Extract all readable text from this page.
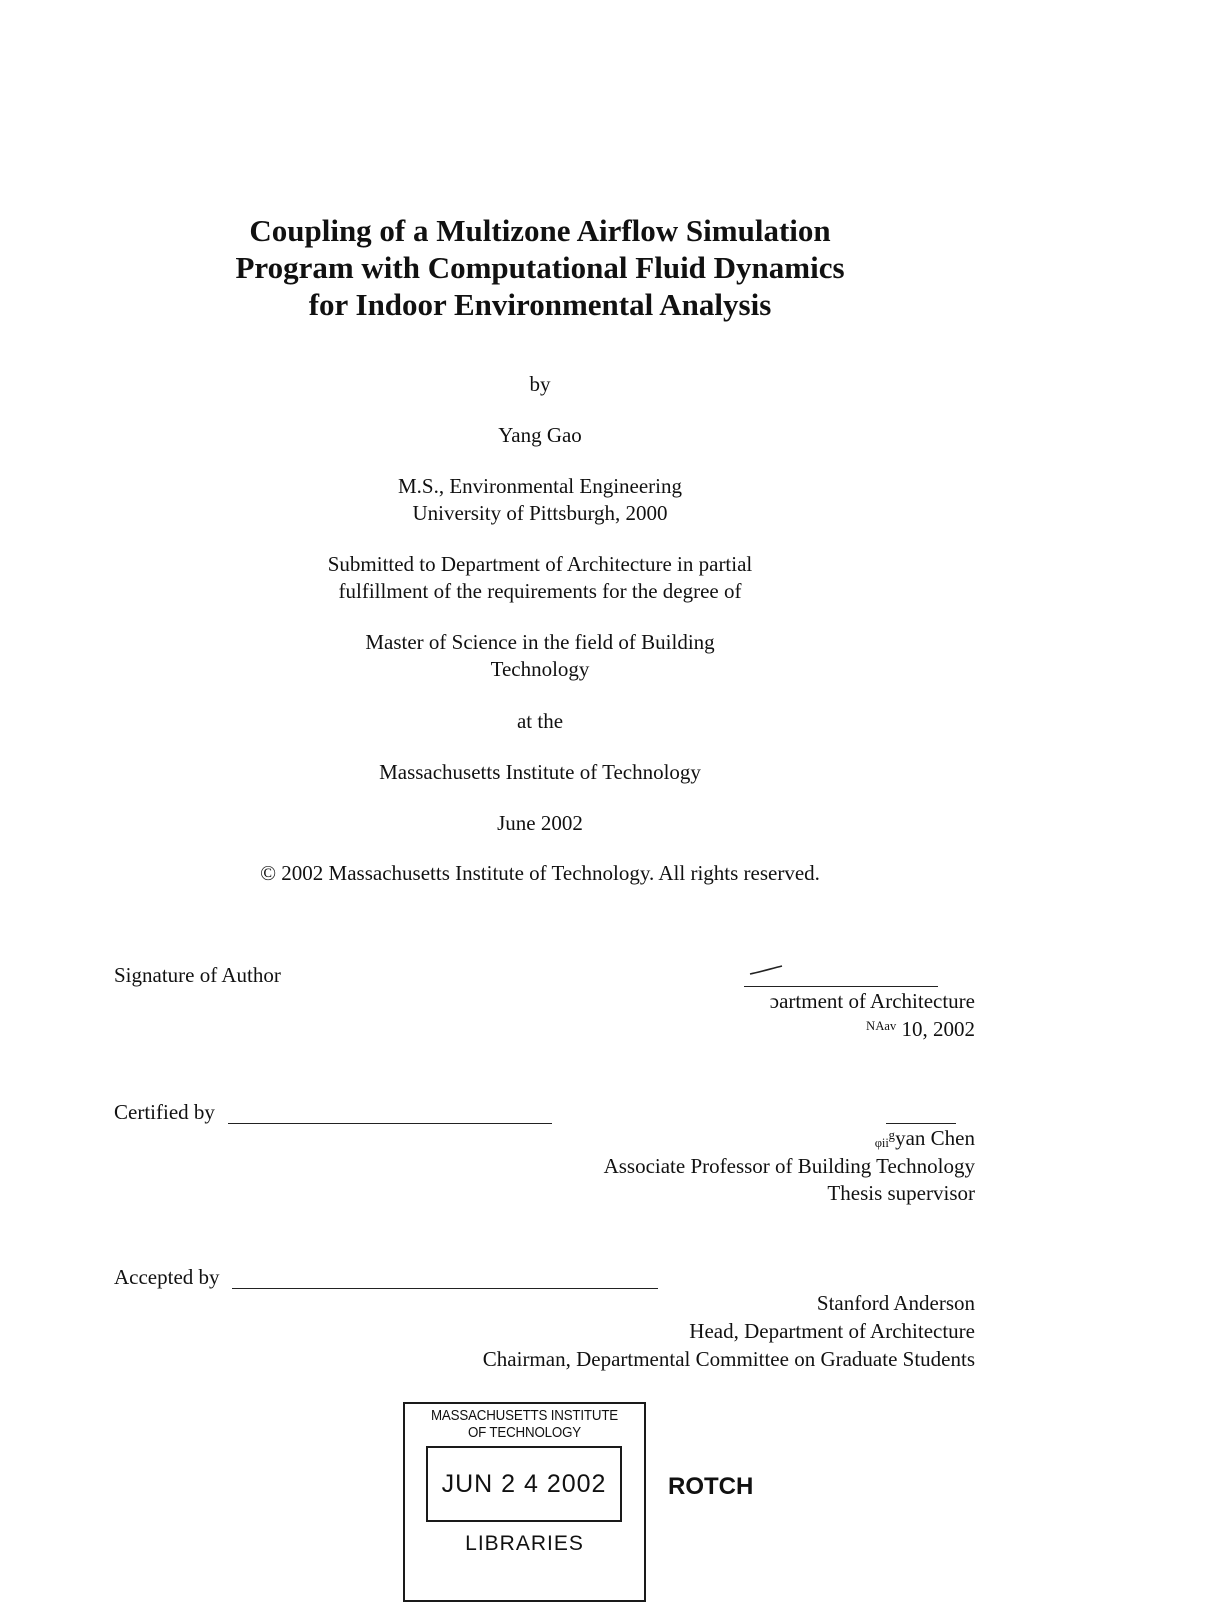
Coupling of a Multizone Airflow Simulation
Program with Computational Fluid Dynamics
for Indoor Environmental Analysis
by
Yang Gao
M.S., Environmental Engineering
University of Pittsburgh, 2000
Submitted to Department of Architecture in partial
fulfillment of the requirements for the degree of
Master of Science in the field of Building
Technology
at the
Massachusetts Institute of Technology
June 2002
© 2002 Massachusetts Institute of Technology. All rights reserved.
Signature of Author
ɔartment of Architecture
ᴺᴬᵃᵛ 10, 2002
Certified by
ᵩᵢᵢᵍyan Chen
Associate Professor of Building Technology
Thesis supervisor
Accepted by
Stanford Anderson
Head, Department of Architecture
Chairman, Departmental Committee on Graduate Students
MASSACHUSETTS INSTITUTE
OF TECHNOLOGY
JUN 2 4 2002
LIBRARIES
ROTCH
